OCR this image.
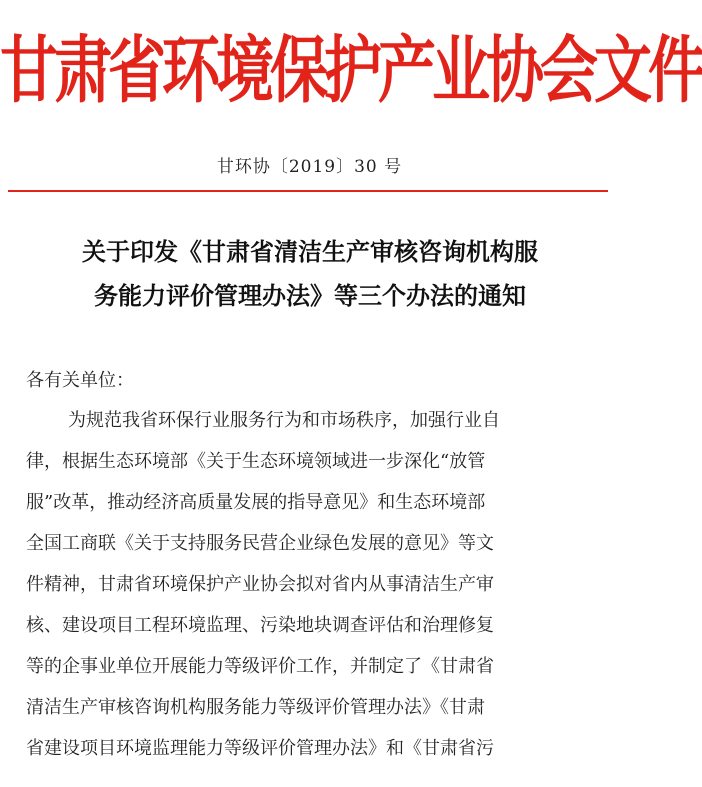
甘肃省环境保护产业协会文件
甘环协〔2019〕30 号
关于印发《甘肃省清洁生产审核咨询机构服
务能力评价管理办法》等三个办法的通知
各有关单位：
为规范我省环保行业服务行为和市场秩序，加强行业自
律，根据生态环境部《关于生态环境领域进一步深化“放管
服”改革，推动经济高质量发展的指导意见》和生态环境部
全国工商联《关于支持服务民营企业绿色发展的意见》等文
件精神，甘肃省环境保护产业协会拟对省内从事清洁生产审
核、建设项目工程环境监理、污染地块调查评估和治理修复
等的企事业单位开展能力等级评价工作，并制定了《甘肃省
清洁生产审核咨询机构服务能力等级评价管理办法》《甘肃
省建设项目环境监理能力等级评价管理办法》和《甘肃省污
